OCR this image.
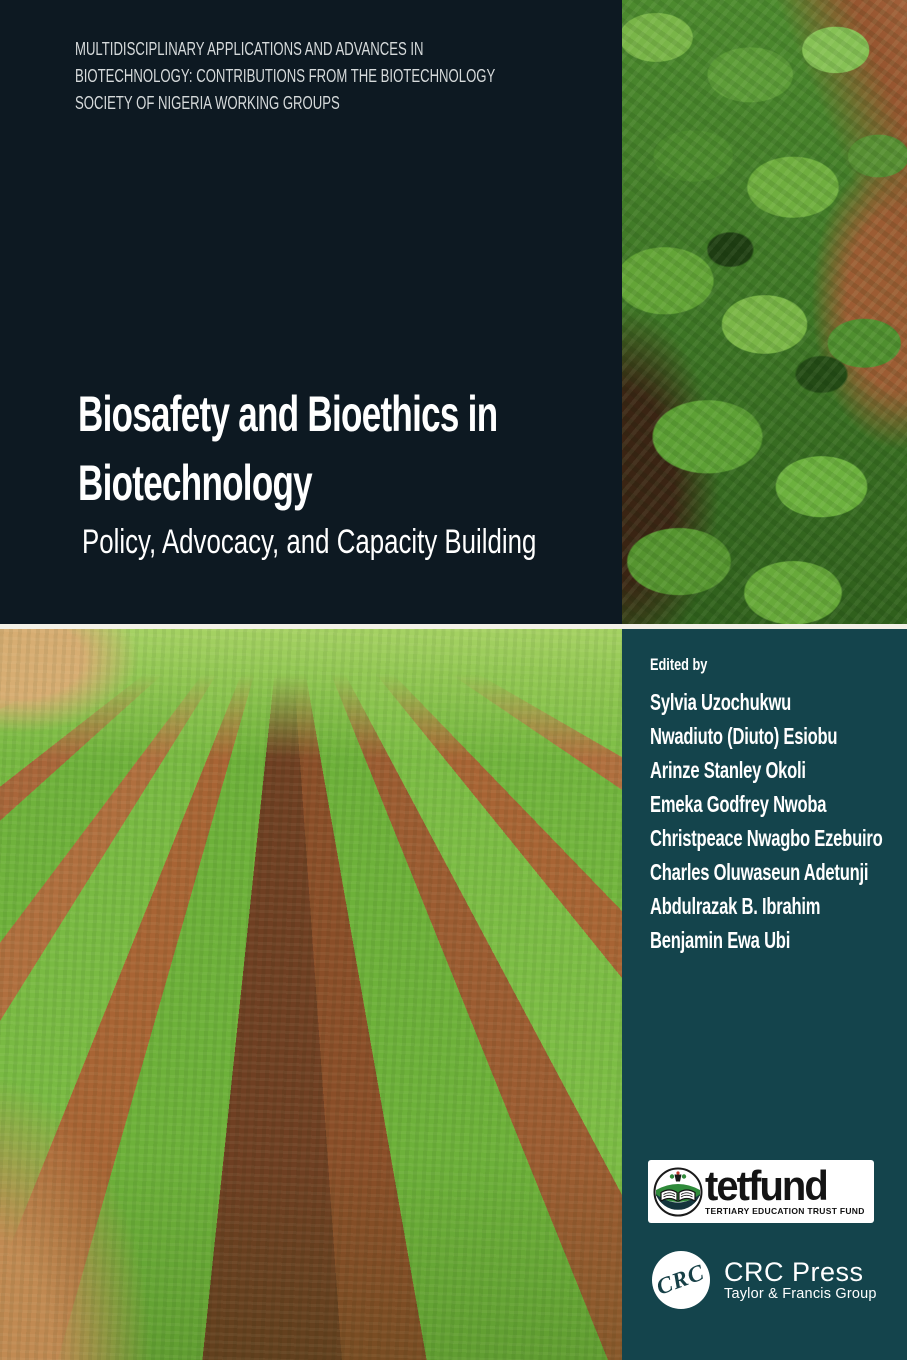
MULTIDISCIPLINARY APPLICATIONS AND ADVANCES IN
BIOTECHNOLOGY: CONTRIBUTIONS FROM THE BIOTECHNOLOGY
SOCIETY OF NIGERIA WORKING GROUPS
Biosafety and Bioethics in
Biotechnology
Policy, Advocacy, and Capacity Building
Edited by
Sylvia Uzochukwu
Nwadiuto (Diuto) Esiobu
Arinze Stanley Okoli
Emeka Godfrey Nwoba
Christpeace Nwagbo Ezebuiro
Charles Oluwaseun Adetunji
Abdulrazak B. Ibrahim
Benjamin Ewa Ubi
tetfund
TERTIARY EDUCATION TRUST FUND
CRC CRC Press
Taylor & Francis Group
